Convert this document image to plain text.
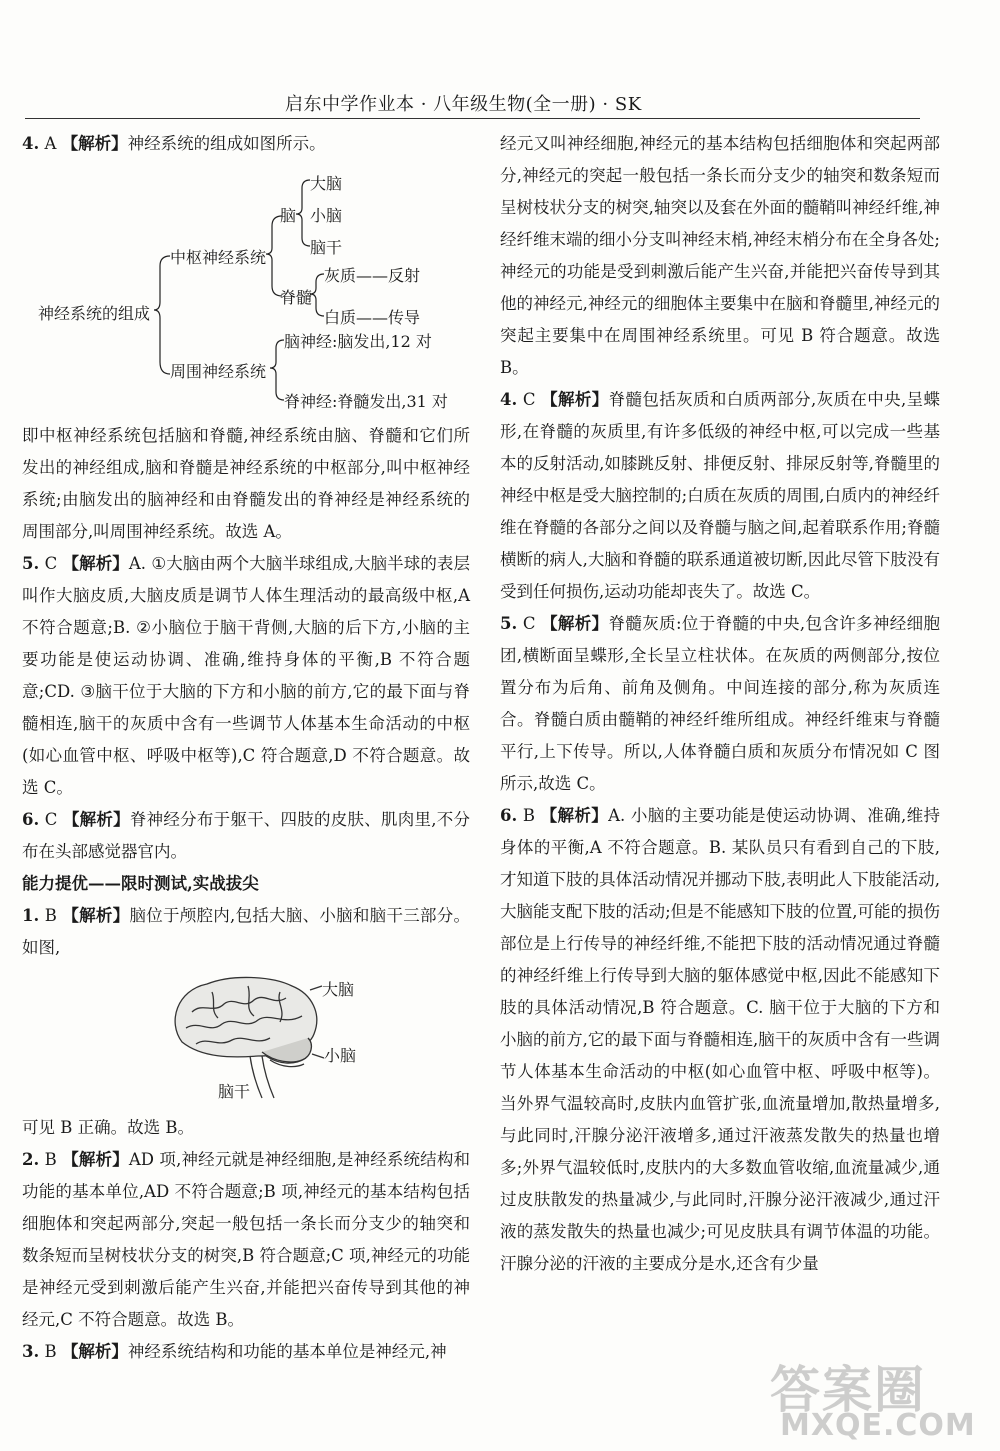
启东中学作业本 · 八年级生物(全一册) · SK

4. A 【解析】神经系统的组成如图所示。

神经系统的组成
中枢神经系统
脑
大脑
小脑
脑干
脊髓
灰质——反射
白质——传导
周围神经系统
脑神经:脑发出,12 对
脊神经:脊髓发出,31 对

即中枢神经系统包括脑和脊髓,神经系统由脑、脊髓和它们所发出的神经组成,脑和脊髓是神经系统的中枢部分,叫中枢神经系统;由脑发出的脑神经和由脊髓发出的脊神经是神经系统的周围部分,叫周围神经系统。故选 A。

5. C 【解析】A. ①大脑由两个大脑半球组成,大脑半球的表层叫作大脑皮质,大脑皮质是调节人体生理活动的最高级中枢,A 不符合题意;B. ②小脑位于脑干背侧,大脑的后下方,小脑的主要功能是使运动协调、准确,维持身体的平衡,B 不符合题意;CD. ③脑干位于大脑的下方和小脑的前方,它的最下面与脊髓相连,脑干的灰质中含有一些调节人体基本生命活动的中枢(如心血管中枢、呼吸中枢等),C 符合题意,D 不符合题意。故选 C。

6. C 【解析】脊神经分布于躯干、四肢的皮肤、肌肉里,不分布在头部感觉器官内。

能力提优——限时测试,实战拔尖

1. B 【解析】脑位于颅腔内,包括大脑、小脑和脑干三部分。如图,

大脑
小脑
脑干

可见 B 正确。故选 B。

2. B 【解析】AD 项,神经元就是神经细胞,是神经系统结构和功能的基本单位,AD 不符合题意;B 项,神经元的基本结构包括细胞体和突起两部分,突起一般包括一条长而分支少的轴突和数条短而呈树枝状分支的树突,B 符合题意;C 项,神经元的功能是神经元受到刺激后能产生兴奋,并能把兴奋传导到其他的神经元,C 不符合题意。故选 B。

3. B 【解析】神经系统结构和功能的基本单位是神经元,神

经元又叫神经细胞,神经元的基本结构包括细胞体和突起两部分,神经元的突起一般包括一条长而分支少的轴突和数条短而呈树枝状分支的树突,轴突以及套在外面的髓鞘叫神经纤维,神经纤维末端的细小分支叫神经末梢,神经末梢分布在全身各处;神经元的功能是受到刺激后能产生兴奋,并能把兴奋传导到其他的神经元,神经元的细胞体主要集中在脑和脊髓里,神经元的突起主要集中在周围神经系统里。可见 B 符合题意。故选 B。

4. C 【解析】脊髓包括灰质和白质两部分,灰质在中央,呈蝶形,在脊髓的灰质里,有许多低级的神经中枢,可以完成一些基本的反射活动,如膝跳反射、排便反射、排尿反射等,脊髓里的神经中枢是受大脑控制的;白质在灰质的周围,白质内的神经纤维在脊髓的各部分之间以及脊髓与脑之间,起着联系作用;脊髓横断的病人,大脑和脊髓的联系通道被切断,因此尽管下肢没有受到任何损伤,运动功能却丧失了。故选 C。

5. C 【解析】脊髓灰质:位于脊髓的中央,包含许多神经细胞团,横断面呈蝶形,全长呈立柱状体。在灰质的两侧部分,按位置分布为后角、前角及侧角。中间连接的部分,称为灰质连合。脊髓白质由髓鞘的神经纤维所组成。神经纤维束与脊髓平行,上下传导。所以,人体脊髓白质和灰质分布情况如 C 图所示,故选 C。

6. B 【解析】A. 小脑的主要功能是使运动协调、准确,维持身体的平衡,A 不符合题意。B. 某队员只有看到自己的下肢,才知道下肢的具体活动情况并挪动下肢,表明此人下肢能活动,大脑能支配下肢的活动;但是不能感知下肢的位置,可能的损伤部位是上行传导的神经纤维,不能把下肢的活动情况通过脊髓的神经纤维上行传导到大脑的躯体感觉中枢,因此不能感知下肢的具体活动情况,B 符合题意。C. 脑干位于大脑的下方和小脑的前方,它的最下面与脊髓相连,脑干的灰质中含有一些调节人体基本生命活动的中枢(如心血管中枢、呼吸中枢等)。当外界气温较高时,皮肤内血管扩张,血流量增加,散热量增多,与此同时,汗腺分泌汗液增多,通过汗液蒸发散失的热量也增多;外界气温较低时,皮肤内的大多数血管收缩,血流量减少,通过皮肤散发的热量减少,与此同时,汗腺分泌汗液减少,通过汗液的蒸发散失的热量也减少;可见皮肤具有调节体温的功能。汗腺分泌的汗液的主要成分是水,还含有少量

答案圈
MXQE.COM
